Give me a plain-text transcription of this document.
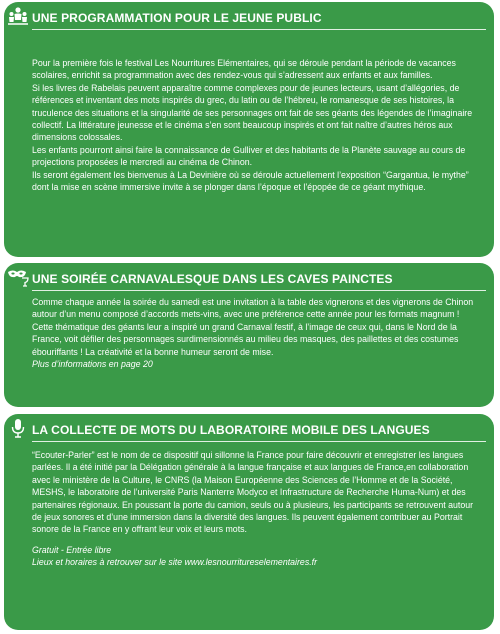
UNE PROGRAMMATION POUR LE JEUNE PUBLIC

Pour la première fois le festival Les Nourritures Elémentaires, qui se déroule pendant la période de vacances scolaires, enrichit sa programmation avec des rendez-vous qui s’adressent aux enfants et aux familles.

Si les livres de Rabelais peuvent apparaître comme complexes pour de jeunes lecteurs, usant d’allégories, de références et inventant des mots inspirés du grec, du latin ou de l’hébreu, le romanesque de ses histoires, la truculence des situations et la singularité de ses personnages ont fait de ses géants des légendes de l’imaginaire collectif. La littérature jeunesse et le cinéma s’en sont beaucoup inspirés et ont fait naître d’autres héros aux dimensions colossales.

Les enfants pourront ainsi faire la connaissance de Gulliver et des habitants de la Planète sauvage au cours de projections proposées le mercredi au cinéma de Chinon.

Ils seront également les bienvenus à La Devinière où se déroule actuellement l’exposition “Gargantua, le mythe” dont la mise en scène immersive invite à se plonger dans l’époque et l’épopée de ce géant mythique.

UNE SOIRÉE CARNAVALESQUE DANS LES CAVES PAINCTES

Comme chaque année la soirée du samedi est une invitation à la table des vignerons et des vignerons de Chinon autour d’un menu composé d’accords mets-vins, avec une préférence cette année pour les formats magnum ! Cette thématique des géants leur a inspiré un grand Carnaval festif, à l’image de ceux qui, dans le Nord de la France, voit défiler des personnages surdimensionnés au milieu des masques, des paillettes et des costumes ébouriffants ! La créativité et la bonne humeur seront de mise.

Plus d’informations en page 20

LA COLLECTE DE MOTS DU LABORATOIRE MOBILE DES LANGUES

“Ecouter-Parler” est le nom de ce dispositif qui sillonne la France pour faire découvrir et enregistrer les langues parlées. Il a été initié par la Délégation générale à la langue française et aux langues de France,en collaboration avec le ministère de la Culture, le CNRS (la Maison Européenne des Sciences de l’Homme et de la Société, MESHS, le laboratoire de l’université Paris Nanterre Modyco et Infrastructure de Recherche Huma-Num) et des partenaires régionaux. En poussant la porte du camion, seuls ou à plusieurs, les participants se retrouvent autour de jeux sonores et d’une immersion dans la diversité des langues. Ils peuvent également contribuer au Portrait sonore de la France en y offrant leur voix et leurs mots.

Gratuit - Entrée libre

Lieux et horaires à retrouver sur le site www.lesnourritureselementaires.fr
